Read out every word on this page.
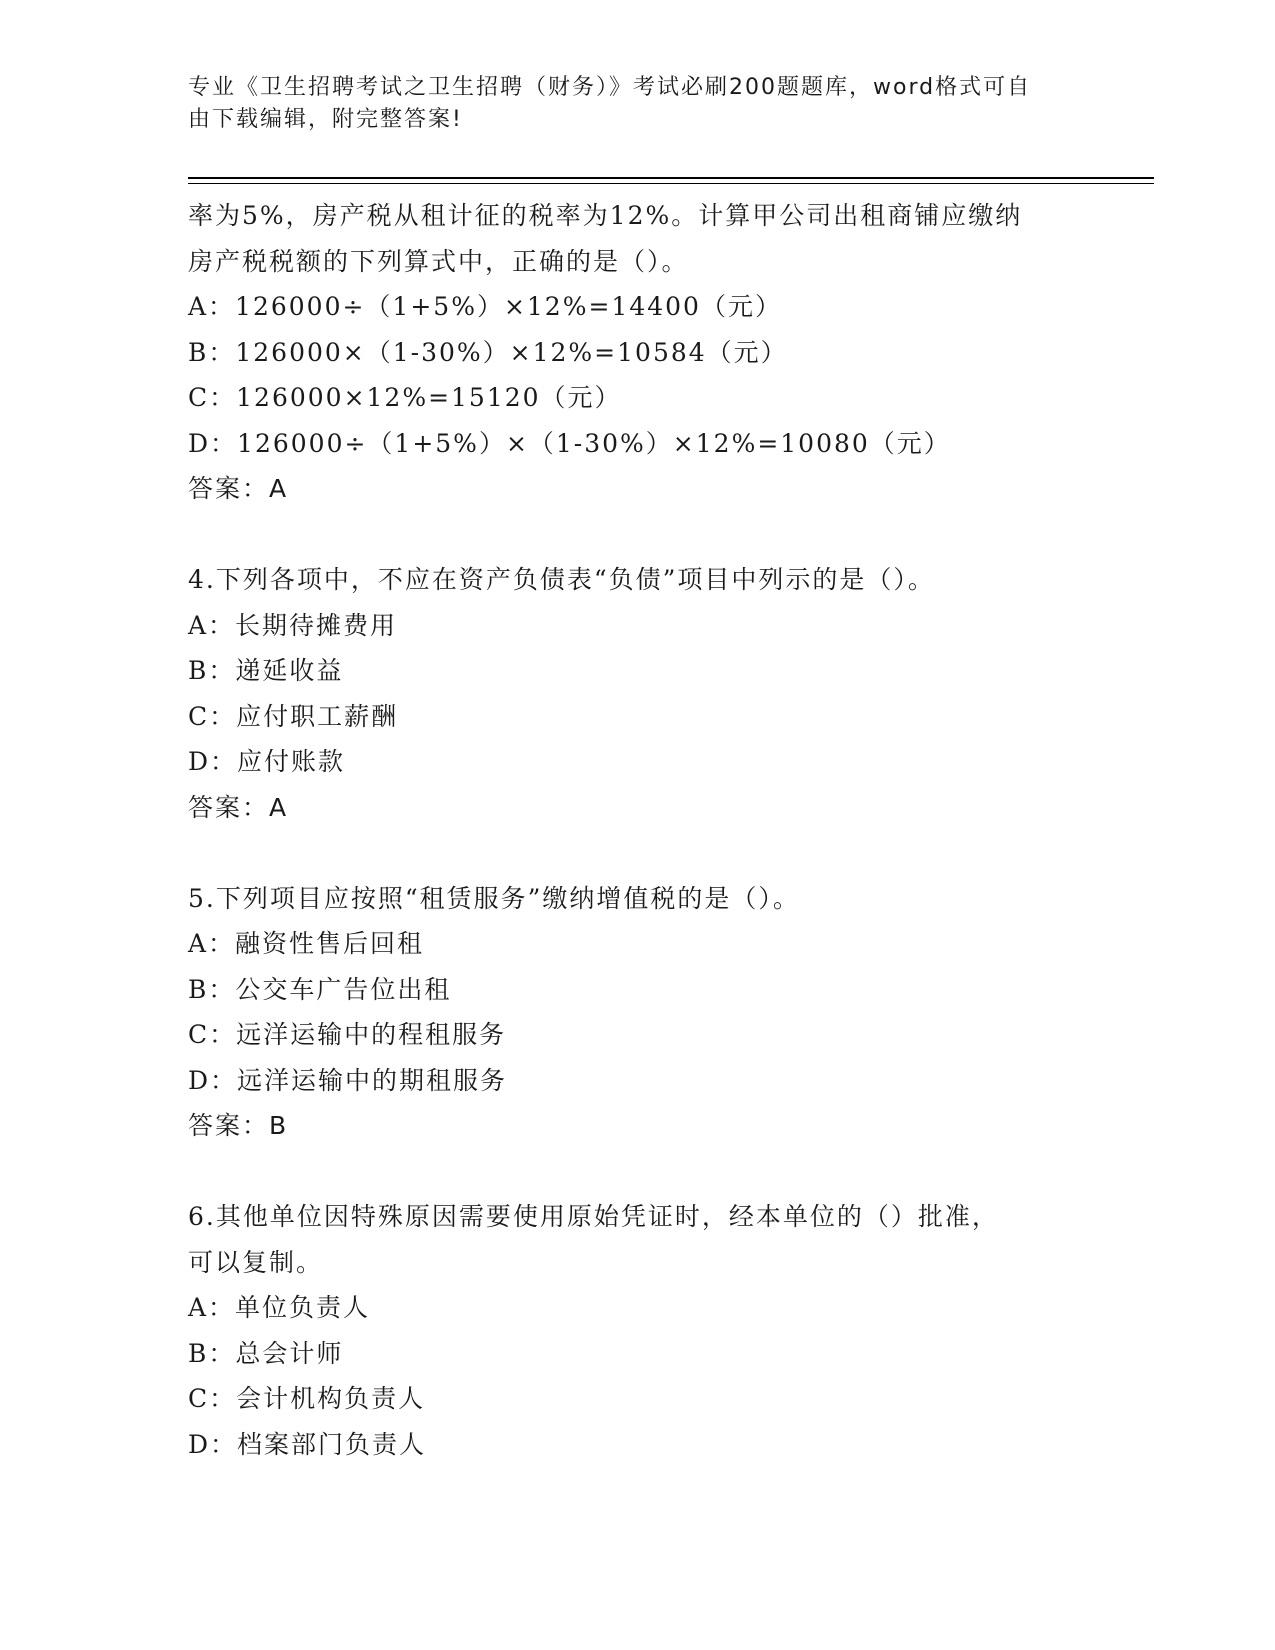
专业《卫生招聘考试之卫生招聘（财务）》考试必刷200题题库，word格式可自
由下载编辑，附完整答案!
率为5%，房产税从租计征的税率为12%。计算甲公司出租商铺应缴纳
房产税税额的下列算式中，正确的是（）。
A：126000÷（1+5%）×12%=14400（元）
B：126000×（1-30%）×12%=10584（元）
C：126000×12%=15120（元）
D：126000÷（1+5%）×（1-30%）×12%=10080（元）
答案：A
4.下列各项中，不应在资产负债表“负债”项目中列示的是（）。
A：长期待摊费用
B：递延收益
C：应付职工薪酬
D：应付账款
答案：A
5.下列项目应按照“租赁服务”缴纳增值税的是（）。
A：融资性售后回租
B：公交车广告位出租
C：远洋运输中的程租服务
D：远洋运输中的期租服务
答案：B
6.其他单位因特殊原因需要使用原始凭证时，经本单位的（）批准，
可以复制。
A：单位负责人
B：总会计师
C：会计机构负责人
D：档案部门负责人
